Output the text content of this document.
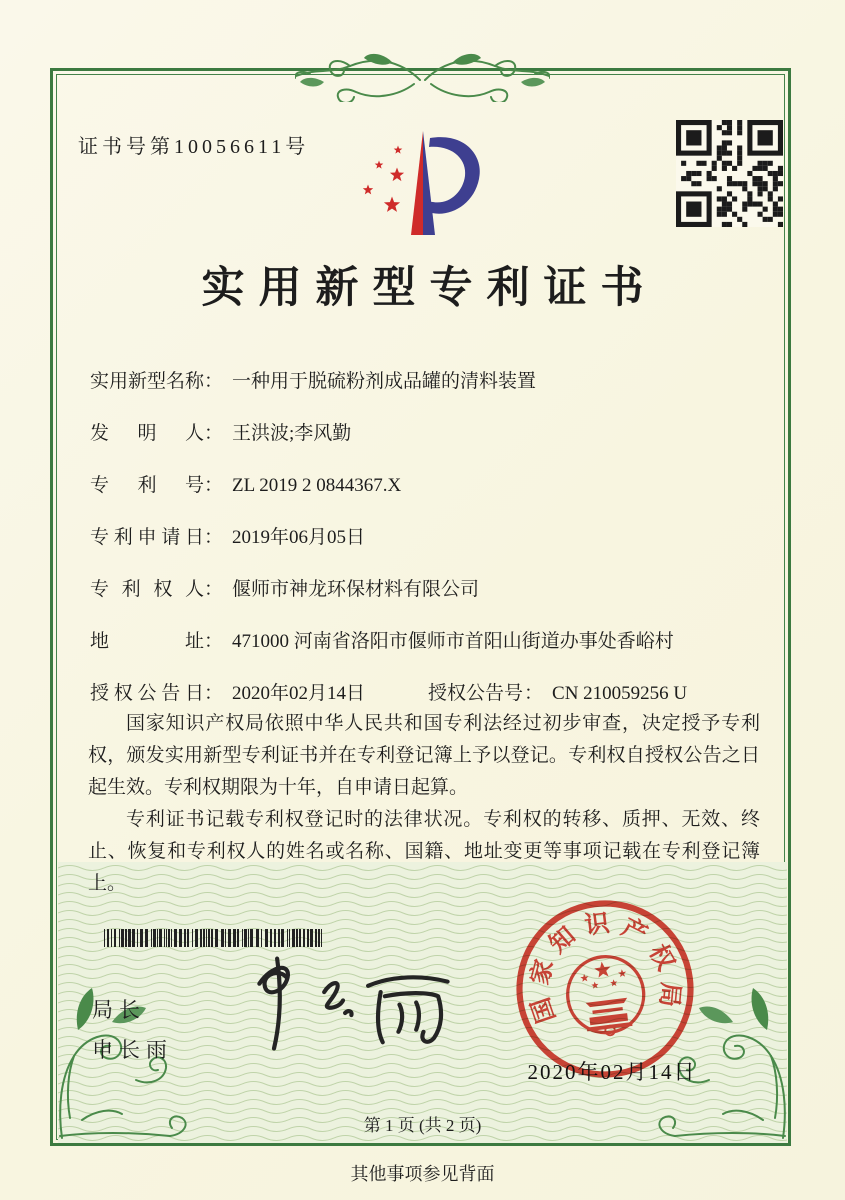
证书号第10056611号
实用新型专利证书
实用新型名称 ： 一种用于脱硫粉剂成品罐的清料装置
发明人 ： 王洪波;李风勤
专利号 ： ZL 2019 2 0844367.X
专利申请日 ： 2019年06月05日
专利权人 ： 偃师市神龙环保材料有限公司
地址 ： 471000 河南省洛阳市偃师市首阳山街道办事处香峪村
授权公告日 ： 2020年02月14日	授权公告号 ： CN 210059256 U

国家知识产权局依照中华人民共和国专利法经过初步审查，决定授予专利权，颁发实用新型专利证书并在专利登记簿上予以登记。专利权自授权公告之日起生效。专利权期限为十年，自申请日起算。

专利证书记载专利权登记时的法律状况。专利权的转移、质押、无效、终止、恢复和专利权人的姓名或名称、国籍、地址变更等事项记载在专利登记簿上。

局长
申长雨
国
家
知 识 产
权
局
2020年02月14日
第 1 页 (共 2 页)
其他事项参见背面
